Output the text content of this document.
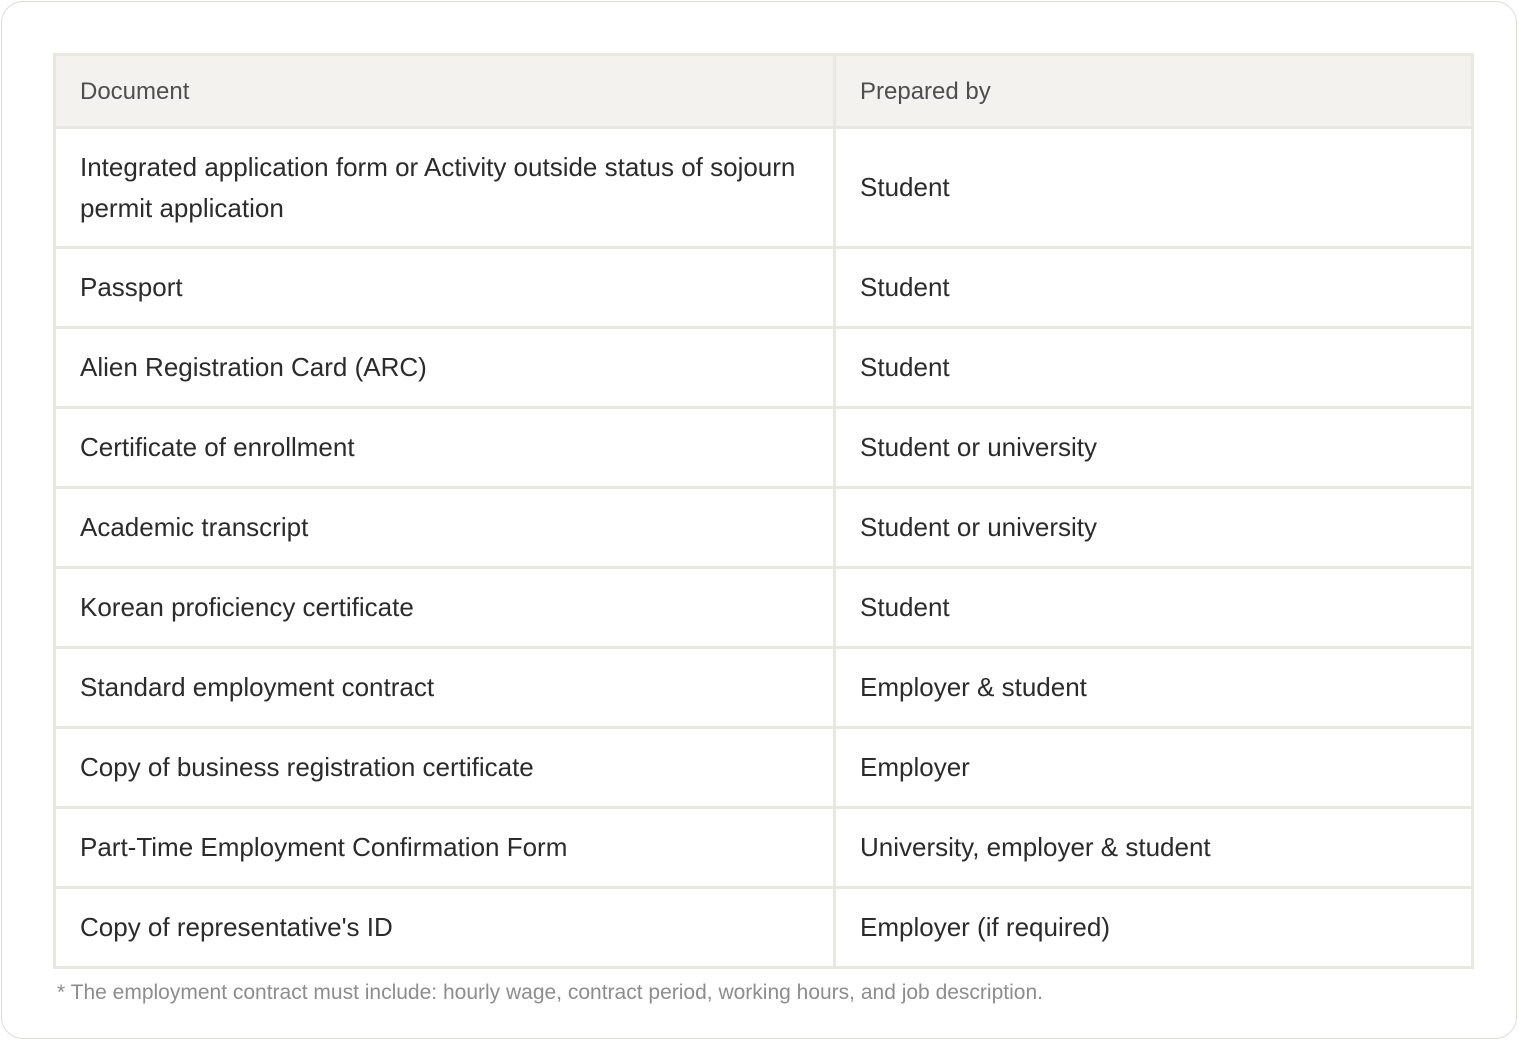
Document	Prepared by
Integrated application form or Activity outside status of sojourn permit application	Student
Passport	Student
Alien Registration Card (ARC)	Student
Certificate of enrollment	Student or university
Academic transcript	Student or university
Korean proficiency certificate	Student
Standard employment contract	Employer & student
Copy of business registration certificate	Employer
Part-Time Employment Confirmation Form	University, employer & student
Copy of representative's ID	Employer (if required)
* The employment contract must include: hourly wage, contract period, working hours, and job description.
